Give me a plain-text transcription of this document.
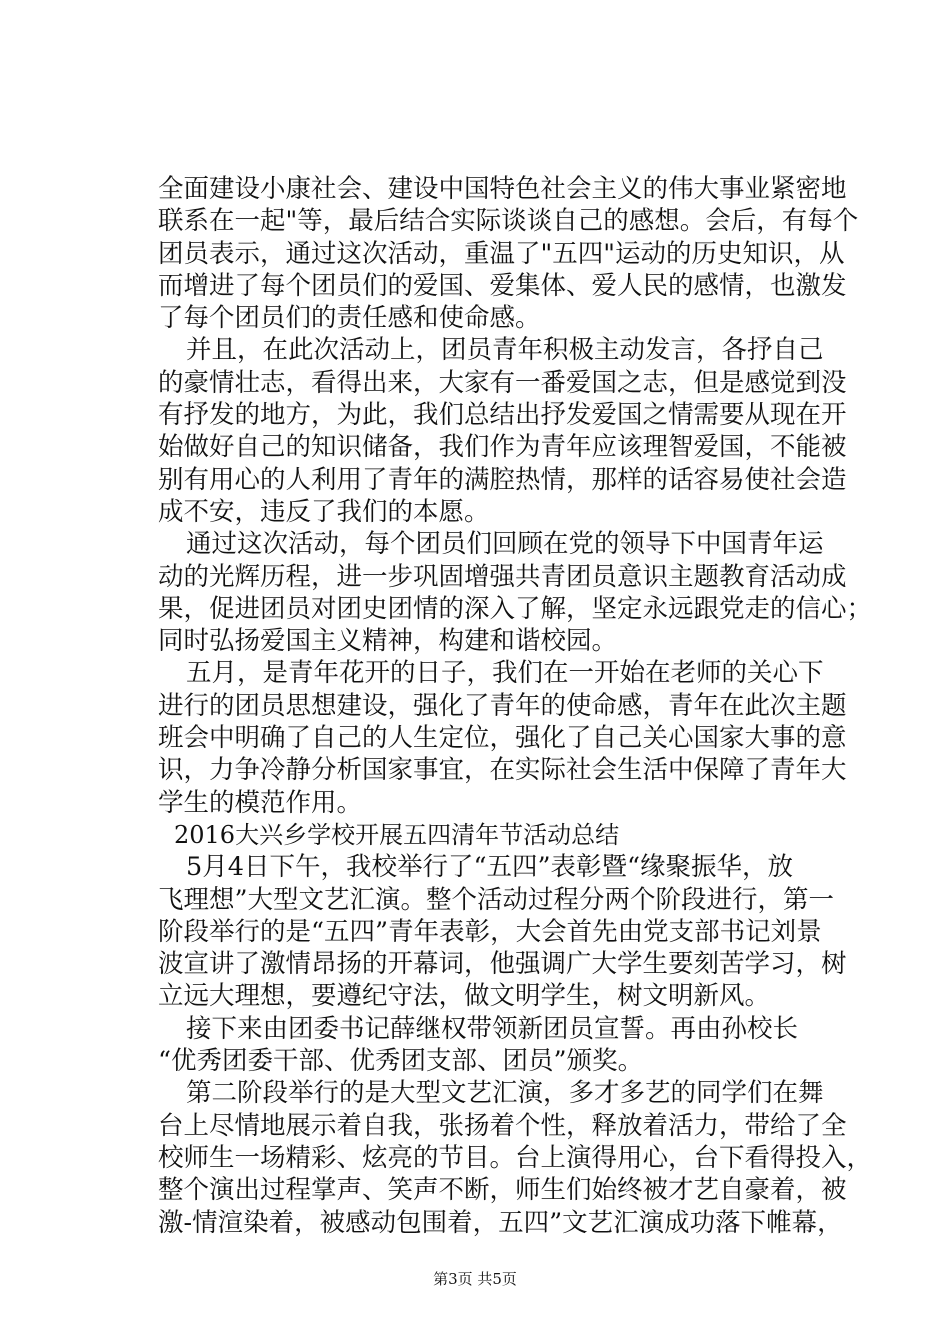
全面建设小康社会、建设中国特色社会主义的伟大事业紧密地
联系在一起"等，最后结合实际谈谈自己的感想。会后，有每个
团员表示，通过这次活动，重温了"五四"运动的历史知识，从
而增进了每个团员们的爱国、爱集体、爱人民的感情，也激发
了每个团员们的责任感和使命感。
并且，在此次活动上，团员青年积极主动发言，各抒自己
的豪情壮志，看得出来，大家有一番爱国之志，但是感觉到没
有抒发的地方，为此，我们总结出抒发爱国之情需要从现在开
始做好自己的知识储备，我们作为青年应该理智爱国，不能被
别有用心的人利用了青年的满腔热情，那样的话容易使社会造
成不安，违反了我们的本愿。
通过这次活动，每个团员们回顾在党的领导下中国青年运
动的光辉历程，进一步巩固增强共青团员意识主题教育活动成
果，促进团员对团史团情的深入了解，坚定永远跟党走的信心；
同时弘扬爱国主义精神，构建和谐校园。
五月，是青年花开的日子，我们在一开始在老师的关心下
进行的团员思想建设，强化了青年的使命感，青年在此次主题
班会中明确了自己的人生定位，强化了自己关心国家大事的意
识，力争冷静分析国家事宜，在实际社会生活中保障了青年大
学生的模范作用。
2016大兴乡学校开展五四清年节活动总结
5月4日下午，我校举行了“五四”表彰暨“缘聚振华，放
飞理想”大型文艺汇演。整个活动过程分两个阶段进行，第一
阶段举行的是“五四”青年表彰，大会首先由党支部书记刘景
波宣讲了激情昂扬的开幕词，他强调广大学生要刻苦学习，树
立远大理想，要遵纪守法，做文明学生，树文明新风。
接下来由团委书记薛继权带领新团员宣誓。再由孙校长
“优秀团委干部、优秀团支部、团员”颁奖。
第二阶段举行的是大型文艺汇演，多才多艺的同学们在舞
台上尽情地展示着自我，张扬着个性，释放着活力，带给了全
校师生一场精彩、炫亮的节目。台上演得用心，台下看得投入，
整个演出过程掌声、笑声不断，师生们始终被才艺自豪着，被
激-情渲染着，被感动包围着，五四”文艺汇演成功落下帷幕，
第3页 共5页
